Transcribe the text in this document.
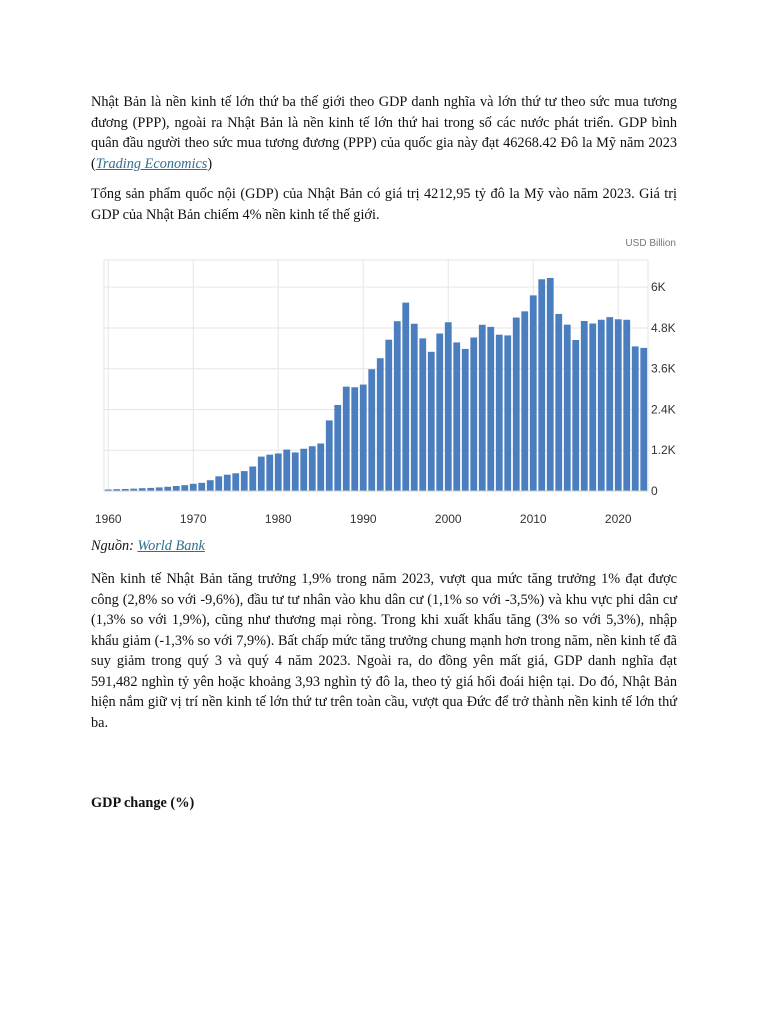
Nhật Bản là nền kinh tế lớn thứ ba thế giới theo GDP danh nghĩa và lớn thứ tư theo sức mua tương đương (PPP), ngoài ra Nhật Bản là nền kinh tế lớn thứ hai trong số các nước phát triển. GDP bình quân đầu người theo sức mua tương đương (PPP) của quốc gia này đạt 46268.42 Đô la Mỹ năm 2023 (Trading Economics)

Tổng sản phẩm quốc nội (GDP) của Nhật Bản có giá trị 4212,95 tỷ đô la Mỹ vào năm 2023. Giá trị GDP của Nhật Bản chiếm 4% nền kinh tế thế giới.

USD Billion
0
1.2K
2.4K
3.6K
4.8K
6K
1960	1970	1980	1990	2000	2010	2020

Nguồn: World Bank

Nền kinh tế Nhật Bản tăng trưởng 1,9% trong năm 2023, vượt qua mức tăng trưởng 1% đạt được công (2,8% so với -9,6%), đầu tư tư nhân vào khu dân cư (1,1% so với -3,5%) và khu vực phi dân cư (1,3% so với 1,9%), cũng như thương mại ròng. Trong khi xuất khẩu tăng (3% so với 5,3%), nhập khẩu giảm (-1,3% so với 7,9%). Bất chấp mức tăng trưởng chung mạnh hơn trong năm, nền kinh tế đã suy giảm trong quý 3 và quý 4 năm 2023. Ngoài ra, do đồng yên mất giá, GDP danh nghĩa đạt 591,482 nghìn tỷ yên hoặc khoảng 3,93 nghìn tỷ đô la, theo tỷ giá hối đoái hiện tại. Do đó, Nhật Bản hiện nắm giữ vị trí nền kinh tế lớn thứ tư trên toàn cầu, vượt qua Đức để trở thành nền kinh tế lớn thứ ba.

GDP change (%)
